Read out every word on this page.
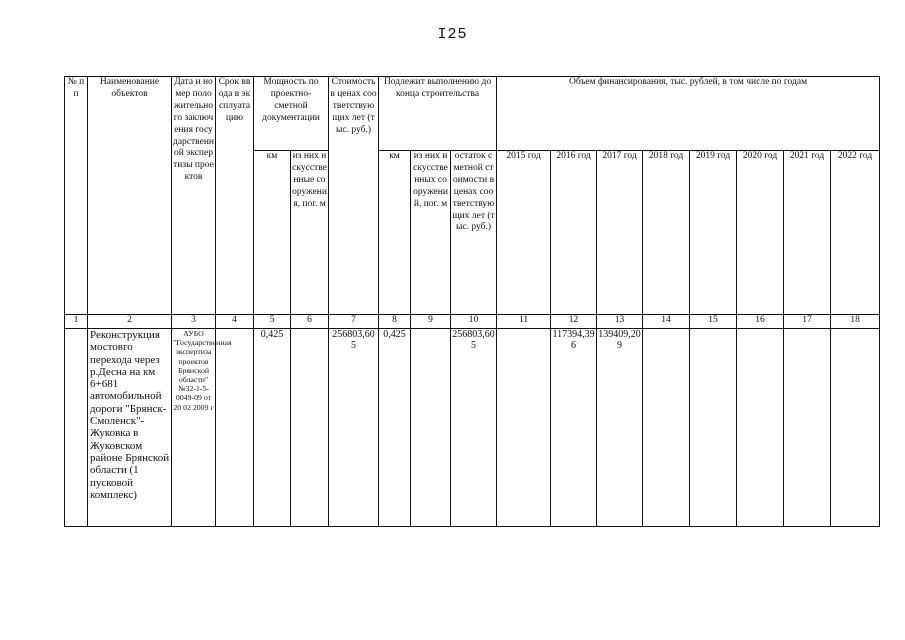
I25
№ п п	Наименование объектов	Дата и номер положительного заключения государственной экспертизы проектов	Срок ввода в эксплуатацию	Мощность по проектно-сметной документации		Стоимость в ценах соответствующих лет (тыс. руб.)	Подлежит выполнению до конца строительства			Объем финансирования, тыс. рублей, в том числе по годам							
				км	из них искусственные сооружения, пог. м		км	из них искусственных сооружений, пог. м	остаток сметной стоимости в ценах соответствующих лет (тыс. руб.)	2015 год	2016 год	2017 год	2018 год	2019 год	2020 год	2021 год	2022 год
1	2	3	4	5	6	7	8	9	10	11	12	13	14	15	16	17	18
	Реконструкция мостовго перехода через р.Десна на км 6+681 автомобильной дороги "Брянск-Смоленск"-Жуковка в Жуковском районе Брянской области (1 пусковой комплекс)	АУБО "Государственная экспертиза проектов Брянской области" №32-1-5-0049-09 от 20 02 2009 г		0,425		256803,605	0,425		256803,605		117394,396	139409,209					
